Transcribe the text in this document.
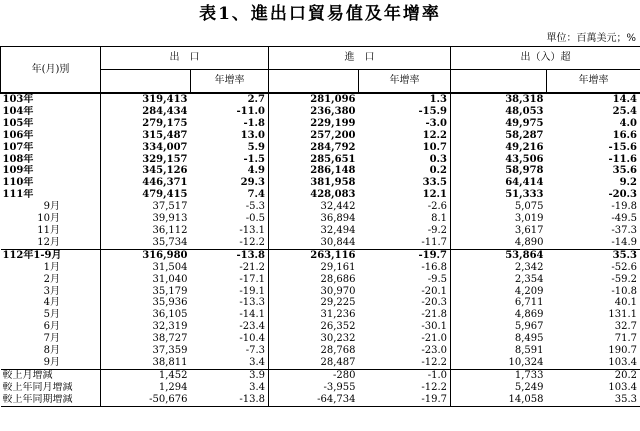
表1、進出口貿易值及年增率
單位：百萬美元；%
年(月)別	出　口		進　口		出（入）超	
		年增率		年增率		年增率
103年	319,413	2.7	281,096	1.3	38,318	14.4
104年	284,434	-11.0	236,380	-15.9	48,053	25.4
105年	279,175	-1.8	229,199	-3.0	49,975	4.0
106年	315,487	13.0	257,200	12.2	58,287	16.6
107年	334,007	5.9	284,792	10.7	49,216	-15.6
108年	329,157	-1.5	285,651	0.3	43,506	-11.6
109年	345,126	4.9	286,148	0.2	58,978	35.6
110年	446,371	29.3	381,958	33.5	64,414	9.2
111年	479,415	7.4	428,083	12.1	51,333	-20.3
9月	37,517	-5.3	32,442	-2.6	5,075	-19.8
10月	39,913	-0.5	36,894	8.1	3,019	-49.5
11月	36,112	-13.1	32,494	-9.2	3,617	-37.3
12月	35,734	-12.2	30,844	-11.7	4,890	-14.9
112年1-9月	316,980	-13.8	263,116	-19.7	53,864	35.3
1月	31,504	-21.2	29,161	-16.8	2,342	-52.6
2月	31,040	-17.1	28,686	-9.5	2,354	-59.2
3月	35,179	-19.1	30,970	-20.1	4,209	-10.8
4月	35,936	-13.3	29,225	-20.3	6,711	40.1
5月	36,105	-14.1	31,236	-21.8	4,869	131.1
6月	32,319	-23.4	26,352	-30.1	5,967	32.7
7月	38,727	-10.4	30,232	-21.0	8,495	71.7
8月	37,359	-7.3	28,768	-23.0	8,591	190.7
9月	38,811	3.4	28,487	-12.2	10,324	103.4
較上月增減	1,452	3.9	-280	-1.0	1,733	20.2
較上年同月增減	1,294	3.4	-3,955	-12.2	5,249	103.4
較上年同期增減	-50,676	-13.8	-64,734	-19.7	14,058	35.3
